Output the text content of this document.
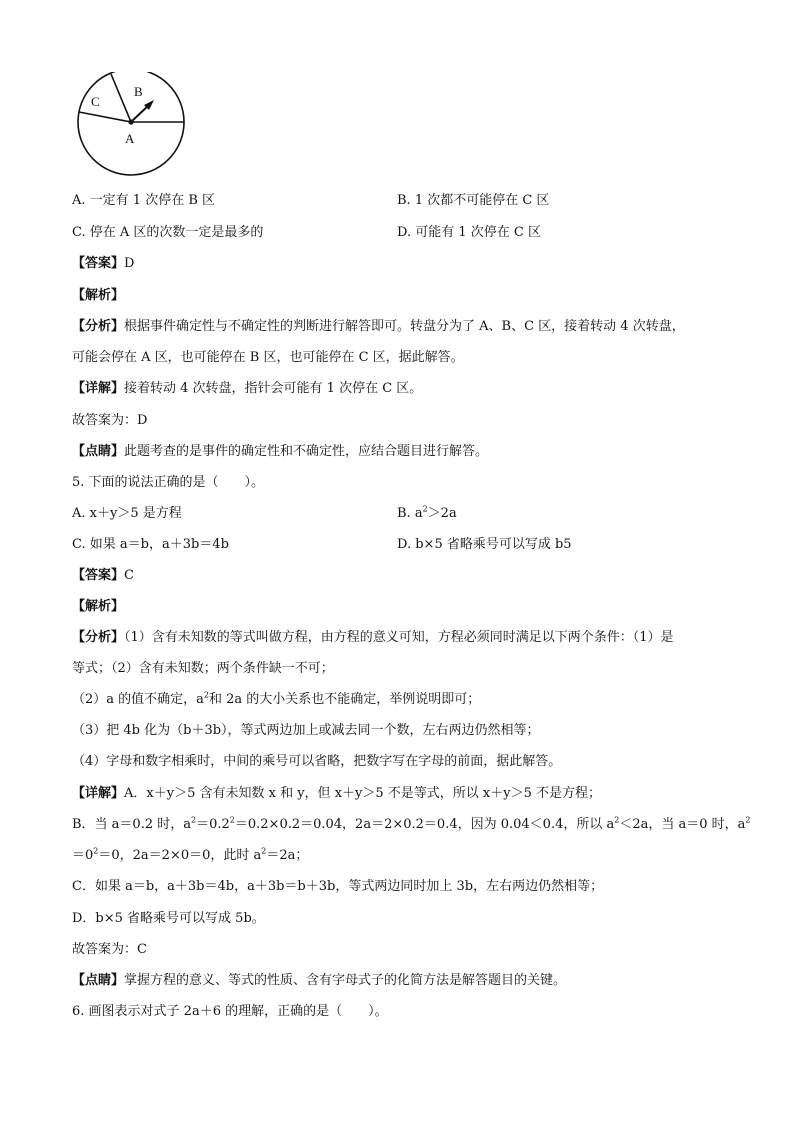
C
B
A
A. 一定有 1 次停在 B 区	B. 1 次都不可能停在 C 区
C. 停在 A 区的次数一定是最多的	D. 可能有 1 次停在 C 区
【答案】D
【解析】
【分析】根据事件确定性与不确定性的判断进行解答即可。转盘分为了 A、B、C 区，接着转动 4 次转盘，
可能会停在 A 区，也可能停在 B 区，也可能停在 C 区，据此解答。
【详解】接着转动 4 次转盘，指针会可能有 1 次停在 C 区。
故答案为：D
【点睛】此题考查的是事件的确定性和不确定性，应结合题目进行解答。
5. 下面的说法正确的是（　　）。
A. x＋y＞5 是方程	B. $a^2>2a$
C. 如果 a＝b，a＋3b＝4b	D. b×5 省略乘号可以写成 b5
【答案】C
【解析】
【分析】（1）含有未知数的等式叫做方程，由方程的意义可知，方程必须同时满足以下两个条件：（1）是
等式；（2）含有未知数；两个条件缺一不可；
（2）a 的值不确定，$a^2$和 2a 的大小关系也不能确定，举例说明即可；
（3）把 4b 化为（b＋3b），等式两边加上或减去同一个数，左右两边仍然相等；
（4）字母和数字相乘时，中间的乘号可以省略，把数字写在字母的前面，据此解答。
【详解】A．x＋y＞5 含有未知数 x 和 y，但 x＋y＞5 不是等式，所以 x＋y＞5 不是方程；
B．当 a＝0.2 时，$a^2=0.2^2=0.2\times 0.2=0.04$，2a＝2×0.2＝0.4，因为 0.04＜0.4，所以 $a^2<2a$，当 a＝0 时，$a^2$
$=0^2=0$，2a＝2×0＝0，此时 $a^2=2a$；
C．如果 a＝b，a＋3b＝4b，a＋3b＝b＋3b，等式两边同时加上 3b，左右两边仍然相等；
D．b×5 省略乘号可以写成 5b。
故答案为：C
【点睛】掌握方程的意义、等式的性质、含有字母式子的化简方法是解答题目的关键。
6. 画图表示对式子 2a＋6 的理解，正确的是（　　）。
